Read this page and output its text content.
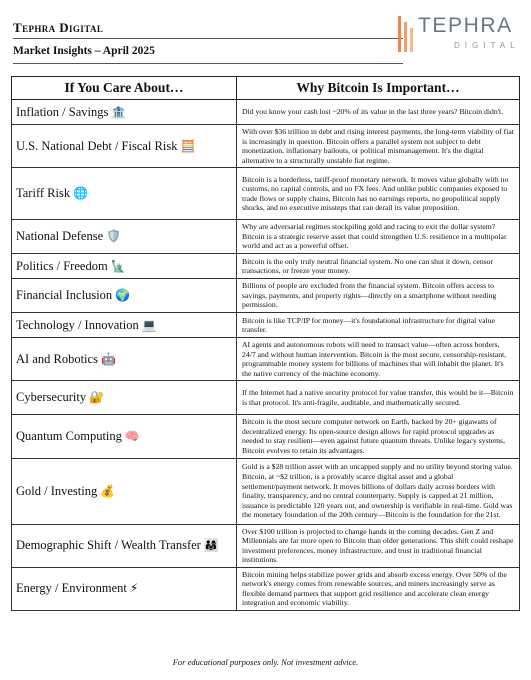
Tephra Digital
Market Insights – April 2025
TEPHRA
DIGITAL
If You Care About…	Why Bitcoin Is Important…
Inflation / Savings 🏦	Did you know your cash lost ~20% of its value in the last three years? Bitcoin didn't.
U.S. National Debt / Fiscal Risk 🧮	With over $36 trillion in debt and rising interest payments, the long-term viability of fiat is increasingly in question. Bitcoin offers a parallel system not subject to debt monetization, inflationary bailouts, or political mismanagement. It's the digital alternative to a structurally unstable fiat regime.
Tariff Risk 🌐	Bitcoin is a borderless, tariff-proof monetary network. It moves value globally with no customs, no capital controls, and no FX fees. And unlike public companies exposed to trade flows or supply chains, Bitcoin has no earnings reports, no geopolitical supply shocks, and no executive missteps that can derail its value proposition.
National Defense 🛡️	Why are adversarial regimes stockpiling gold and racing to exit the dollar system? Bitcoin is a strategic reserve asset that could strengthen U.S. resilience in a multipolar world and act as a powerful offset.
Politics / Freedom 🗽	Bitcoin is the only truly neutral financial system. No one can shut it down, censor transactions, or freeze your money.
Financial Inclusion 🌍	Billions of people are excluded from the financial system. Bitcoin offers access to savings, payments, and property rights—directly on a smartphone without needing permission.
Technology / Innovation 💻	Bitcoin is like TCP/IP for money—it's foundational infrastructure for digital value transfer.
AI and Robotics 🤖	AI agents and autonomous robots will need to transact value—often across borders, 24/7 and without human intervention. Bitcoin is the most secure, censorship-resistant, programmable money system for billions of machines that will inhabit the planet. It's the native currency of the machine economy.
Cybersecurity 🔐	If the Internet had a native security protocol for value transfer, this would be it—Bitcoin is that protocol. It's anti-fragile, auditable, and mathematically secured.
Quantum Computing 🧠	Bitcoin is the most secure computer network on Earth, backed by 20+ gigawatts of decentralized energy. Its open-source design allows for rapid protocol upgrades as needed to stay resilient—even against future quantum threats. Unlike legacy systems, Bitcoin evolves to retain its advantages.
Gold / Investing 💰	Gold is a $28 trillion asset with an uncapped supply and no utility beyond storing value. Bitcoin, at ~$2 trillion, is a provably scarce digital asset and a global settlement/payment network. It moves billions of dollars daily across borders with finality, transparency, and no central counterparty. Supply is capped at 21 million, issuance is predictable 120 years out, and ownership is verifiable in real-time. Gold was the monetary foundation of the 20th century—Bitcoin is the foundation for the 21st.
Demographic Shift / Wealth Transfer 👨‍👩‍👧	Over $100 trillion is projected to change hands in the coming decades. Gen Z and Millennials are far more open to Bitcoin than older generations. This shift could reshape investment preferences, money infrastructure, and trust in traditional financial institutions.
Energy / Environment ⚡	Bitcoin mining helps stabilize power grids and absorb excess energy. Over 50% of the network's energy comes from renewable sources, and miners increasingly serve as flexible demand partners that support grid resilience and accelerate clean energy integration and economic viability.
For educational purposes only. Not investment advice.
